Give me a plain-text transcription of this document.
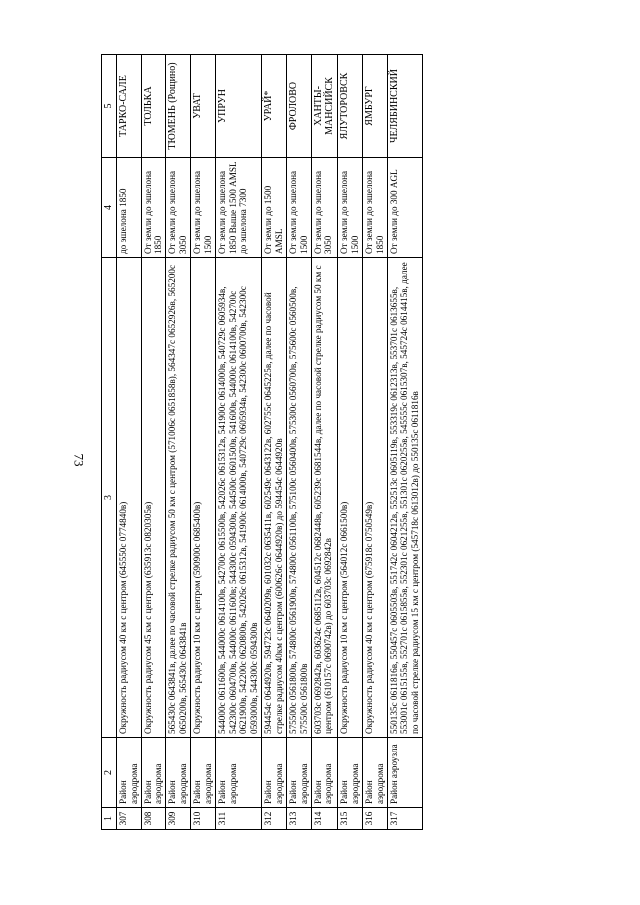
73
1	2	3	4	5
307	Район аэродрома	Окружность радиусом 40 км с центром (645550с 0774840в)	до эшелона 1850	ТАРКО-САЛЕ
308	Район аэродрома	Окружность радиусом 45 км с центром (635913с 0820305в)	От земли до эшелона 1850	ТОЛЬКА
309	Район аэродрома	565430с 0643841в, далее по часовой стрелке радиусом 50 км с центром (571006с 0651858в), 564347с 0652926в, 565200с 0650200в, 565430с 0643841в	От земли до эшелона 3050	ТЮМЕНЬ (Рощино)
310	Район аэродрома	Окружность радиусом 10 км с центром (590900с 0685400в)	От земли до эшелона 1500	УВАТ
311	Район аэродрома	544000с 0611600в, 544000с 0614100в, 542700с 0615500в, 542026с 0615312в, 541900с 0614000в, 540729с 0605934в, 542300с 0604700в, 544000с 0611600в; 544300с 0594300в, 544500с 0601500в, 541600в, 544000с 0614100в, 542700с 0621900в, 542200с 0620800в, 542026с 0615312в, 541900с 0614000в, 540729с 0605934в, 542300с 0600700в, 542300с 0593000в, 544300с 0594300в	От земли до эшелона 1850 Выше 1500 AMSL до эшелона 7300	УПРУН
312	Район аэродрома	594454с 0644920в, 594723с 0640209в, 601032с 0635411в, 602549с 0643122в, 602755с 0645225в, далее по часовой стрелке радиусом 40км с центром (600626с 0644920в) до 594454с 0644920в	От земли до 1500 AMSL	УРАЙ*
313	Район аэродрома	575500с 0561800в, 574800с 0561900в, 574800с 0561100в, 575100с 0560400в, 575300с 0560700в, 575600с 0560500в, 575500с 0561800в	От земли до эшелона 1500	ФРОЛОВО
314	Район аэродрома	603703с 0692842в, 603624с 0685112в, 604512с 0682448в, 605239с 0681544в, далее по часовой стрелке радиусом 50 км с центром (610157с 0690742в) до 603703с 0692842в	От земли до эшелона 3050	ХАНТЫ-МАНСИЙСК
315	Район аэродрома	Окружность радиусом 10 км с центром (564012с 0661500в)	От земли до эшелона 1500	ЯЛУТОРОВСК
316	Район аэродрома	Окружность радиусом 40 км с центром (675918с 0750549в)	От земли до эшелона 1850	ЯМБУРГ
317	Район аэроузла	550135с 0611816в, 550457с 0605503в, 551742с 0604212в, 552513с 0605119в, 553319с 0612313в, 553701с 0613655в, 553001с 0615155в, 552701с 0615855в, 552301с 0621255в, 551301с 0620255в, 545555с 0615307в, 545724с 0614415в, далее по часовой стрелке радиусом 15 км с центром (545718с 0613012в) до 550135с 0611816в	От земли до 300 AGL	ЧЕЛЯБИНСКИЙ
